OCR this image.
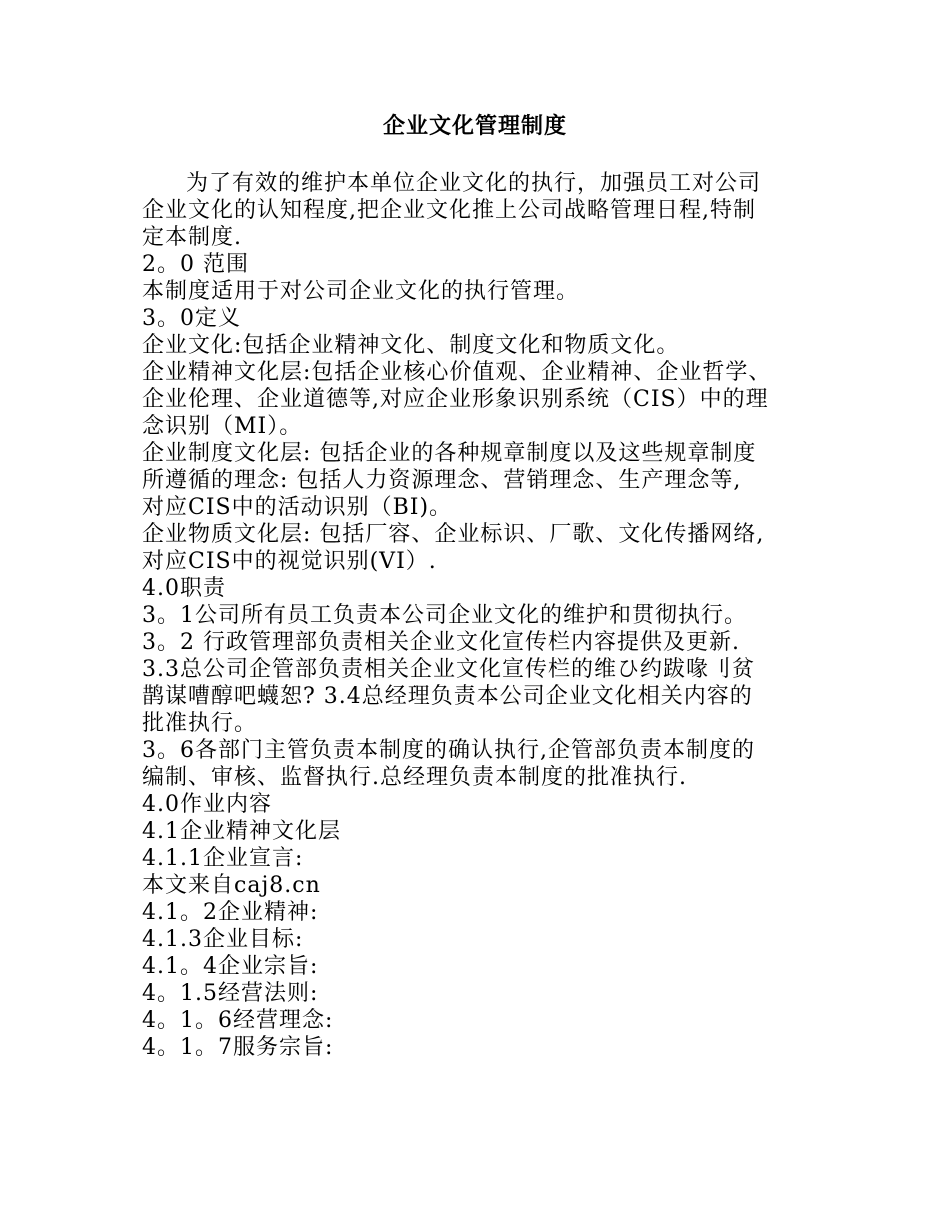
企业文化管理制度

为了有效的维护本单位企业文化的执行，加强员工对公司

企业文化的认知程度,把企业文化推上公司战略管理日程,特制

定本制度.

2。0 范围

本制度适用于对公司企业文化的执行管理。

3。0定义

企业文化:包括企业精神文化、制度文化和物质文化。

企业精神文化层:包括企业核心价值观、企业精神、企业哲学、

企业伦理、企业道德等,对应企业形象识别系统（CIS）中的理

念识别（MI）。

企业制度文化层: 包括企业的各种规章制度以及这些规章制度

所遵循的理念: 包括人力资源理念、营销理念、生产理念等,

对应CIS中的活动识别（BI)。

企业物质文化层: 包括厂容、企业标识、厂歌、文化传播网络,

对应CIS中的视觉识别(VI）.

4.0职责

3。1公司所有员工负责本公司企业文化的维护和贯彻执行。

3。2 行政管理部负责相关企业文化宣传栏内容提供及更新.

3.3总公司企管部负责相关企业文化宣传栏的维ひ约跋喙刂贫

鹊谋嘈醇吧蠛恕? 3.4总经理负责本公司企业文化相关内容的

批准执行。

3。6各部门主管负责本制度的确认执行,企管部负责本制度的

编制、审核、监督执行.总经理负责本制度的批准执行.

4.0作业内容

4.1企业精神文化层

4.1.1企业宣言:

本文来自caj8.cn

4.1。2企业精神:

4.1.3企业目标:

4.1。4企业宗旨:

4。1.5经营法则:

4。1。6经营理念:

4。1。7服务宗旨:
